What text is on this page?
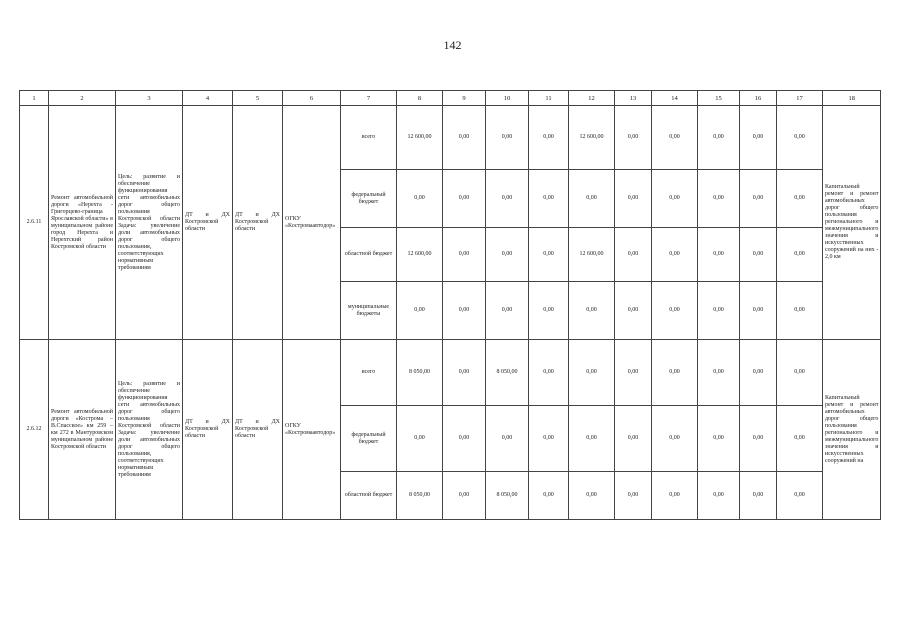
142
1	2	3	4	5	6	7	8	9	10	11	12	13	14	15	16	17	18
2.6.11	Ремонт автомобильной дороги «Нерехта - Григорцево-граница Ярославской области» в муниципальном районе город Нерехта и Нерехтский район Костромской области	Цель: развитие и обеспечение функционирования сети автомобильных дорог общего пользования Костромской области Задача: увеличение доли автомобильных дорог общего пользования, соответствующих нормативным требованиям	ДТ и ДХ Костромской области	ДТ и ДХ Костромской области	ОГКУ «Костромаавтодор»	всего	12 600,00	0,00	0,00	0,00	12 600,00	0,00	0,00	0,00	0,00	0,00	Капитальный ремонт и ремонт автомобильных дорог общего пользования регионального и межмуниципального значения и искусственных сооружений на них - 2,0 км
						федеральный бюджет	0,00	0,00	0,00	0,00	0,00	0,00	0,00	0,00	0,00	0,00	
						областной бюджет	12 600,00	0,00	0,00	0,00	12 600,00	0,00	0,00	0,00	0,00	0,00	
						муниципальные бюджеты	0,00	0,00	0,00	0,00	0,00	0,00	0,00	0,00	0,00	0,00	
2.6.12	Ремонт автомобильной дороги «Кострома – В.Спасское» км 259 – км 272 в Мантуровском муниципальном районе Костромской области	Цель: развитие и обеспечение функционирования сети автомобильных дорог общего пользования Костромской области Задача: увеличение доли автомобильных дорог общего пользования, соответствующих нормативным требованиям	ДТ и ДХ Костромской области	ДТ и ДХ Костромской области	ОГКУ «Костромаавтодор»	всего	8 050,00	0,00	8 050,00	0,00	0,00	0,00	0,00	0,00	0,00	0,00	Капитальный ремонт и ремонт автомобильных дорог общего пользования регионального и межмуниципального значения и искусственных сооружений на
						федеральный бюджет	0,00	0,00	0,00	0,00	0,00	0,00	0,00	0,00	0,00	0,00	
						областной бюджет	8 050,00	0,00	8 050,00	0,00	0,00	0,00	0,00	0,00	0,00	0,00	
